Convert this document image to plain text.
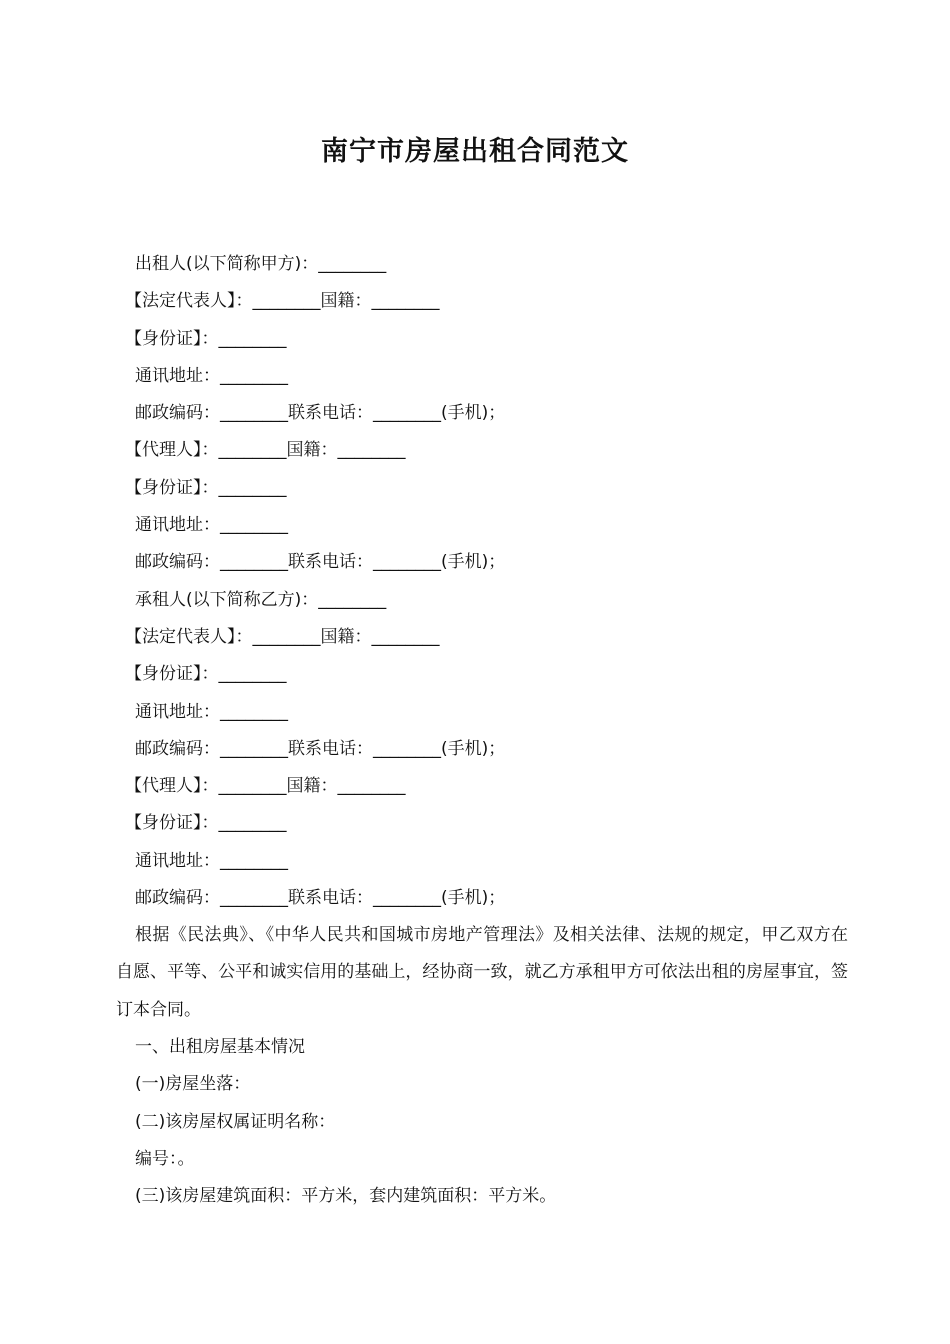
南宁市房屋出租合同范文
出租人(以下简称甲方)：________
【法定代表人】：________国籍：________
【身份证】：________
通讯地址：________
邮政编码：________联系电话：________(手机)；
【代理人】：________国籍：________
【身份证】：________
通讯地址：________
邮政编码：________联系电话：________(手机)；
承租人(以下简称乙方)：________
【法定代表人】：________国籍：________
【身份证】：________
通讯地址：________
邮政编码：________联系电话：________(手机)；
【代理人】：________国籍：________
【身份证】：________
通讯地址：________
邮政编码：________联系电话：________(手机)；
根据《民法典》、《中华人民共和国城市房地产管理法》及相关法律、法规的规定，甲乙双方在自愿、平等、公平和诚实信用的基础上，经协商一致，就乙方承租甲方可依法出租的房屋事宜，签订本合同。
一、出租房屋基本情况
(一)房屋坐落：
(二)该房屋权属证明名称：
编号：。
(三)该房屋建筑面积：平方米，套内建筑面积：平方米。
